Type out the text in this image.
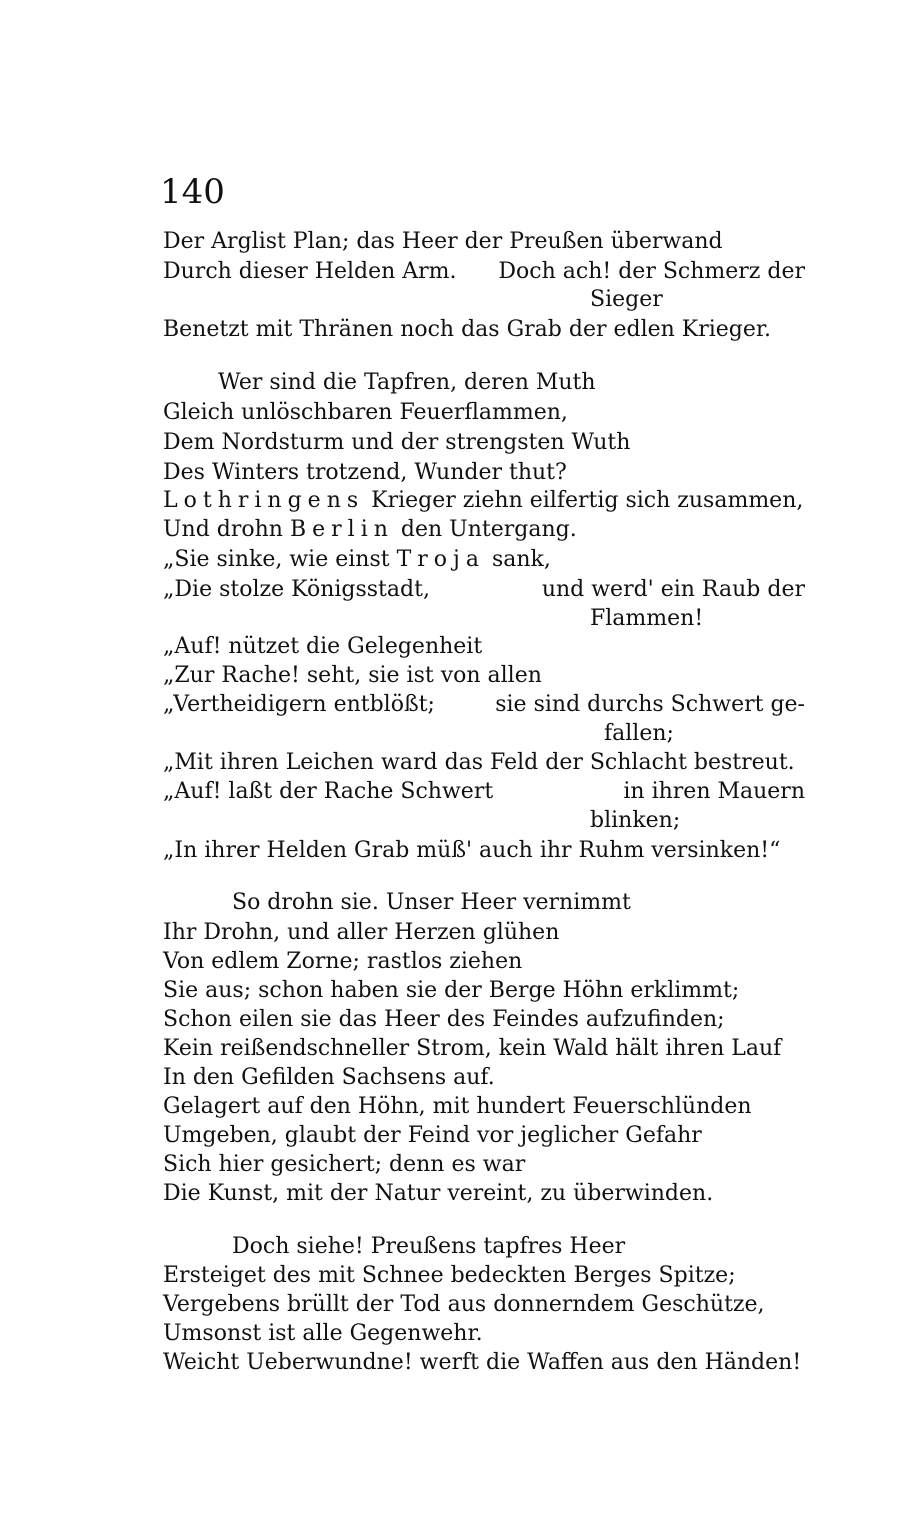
140
Der Arglist Plan; das Heer der Preußen überwand
Durch dieser Helden Arm. Doch ach! der Schmerz der
Sieger
Benetzt mit Thränen noch das Grab der edlen Krieger.
Wer sind die Tapfren, deren Muth
Gleich unlöschbaren Feuerflammen,
Dem Nordsturm und der strengsten Wuth
Des Winters trotzend, Wunder thut?
Lothringens Krieger ziehn eilfertig sich zusammen,
Und drohn Berlin den Untergang.
„Sie sinke, wie einst Troja sank,
„Die stolze Königsstadt,	und werd' ein Raub der
Flammen!
„Auf! nützet die Gelegenheit
„Zur Rache! seht, sie ist von allen
„Vertheidigern entblößt;	sie sind durchs Schwert ge-
fallen;
„Mit ihren Leichen ward das Feld der Schlacht bestreut.
„Auf! laßt der Rache Schwert	in ihren Mauern
blinken;
„In ihrer Helden Grab müß' auch ihr Ruhm versinken!“
So drohn sie. Unser Heer vernimmt
Ihr Drohn, und aller Herzen glühen
Von edlem Zorne; rastlos ziehen
Sie aus; schon haben sie der Berge Höhn erklimmt;
Schon eilen sie das Heer des Feindes aufzufinden;
Kein reißendschneller Strom, kein Wald hält ihren Lauf
In den Gefilden Sachsens auf.
Gelagert auf den Höhn, mit hundert Feuerschlünden
Umgeben, glaubt der Feind vor jeglicher Gefahr
Sich hier gesichert; denn es war
Die Kunst, mit der Natur vereint, zu überwinden.
Doch siehe! Preußens tapfres Heer
Ersteiget des mit Schnee bedeckten Berges Spitze;
Vergebens brüllt der Tod aus donnerndem Geschütze,
Umsonst ist alle Gegenwehr.
Weicht Ueberwundne! werft die Waffen aus den Händen!
